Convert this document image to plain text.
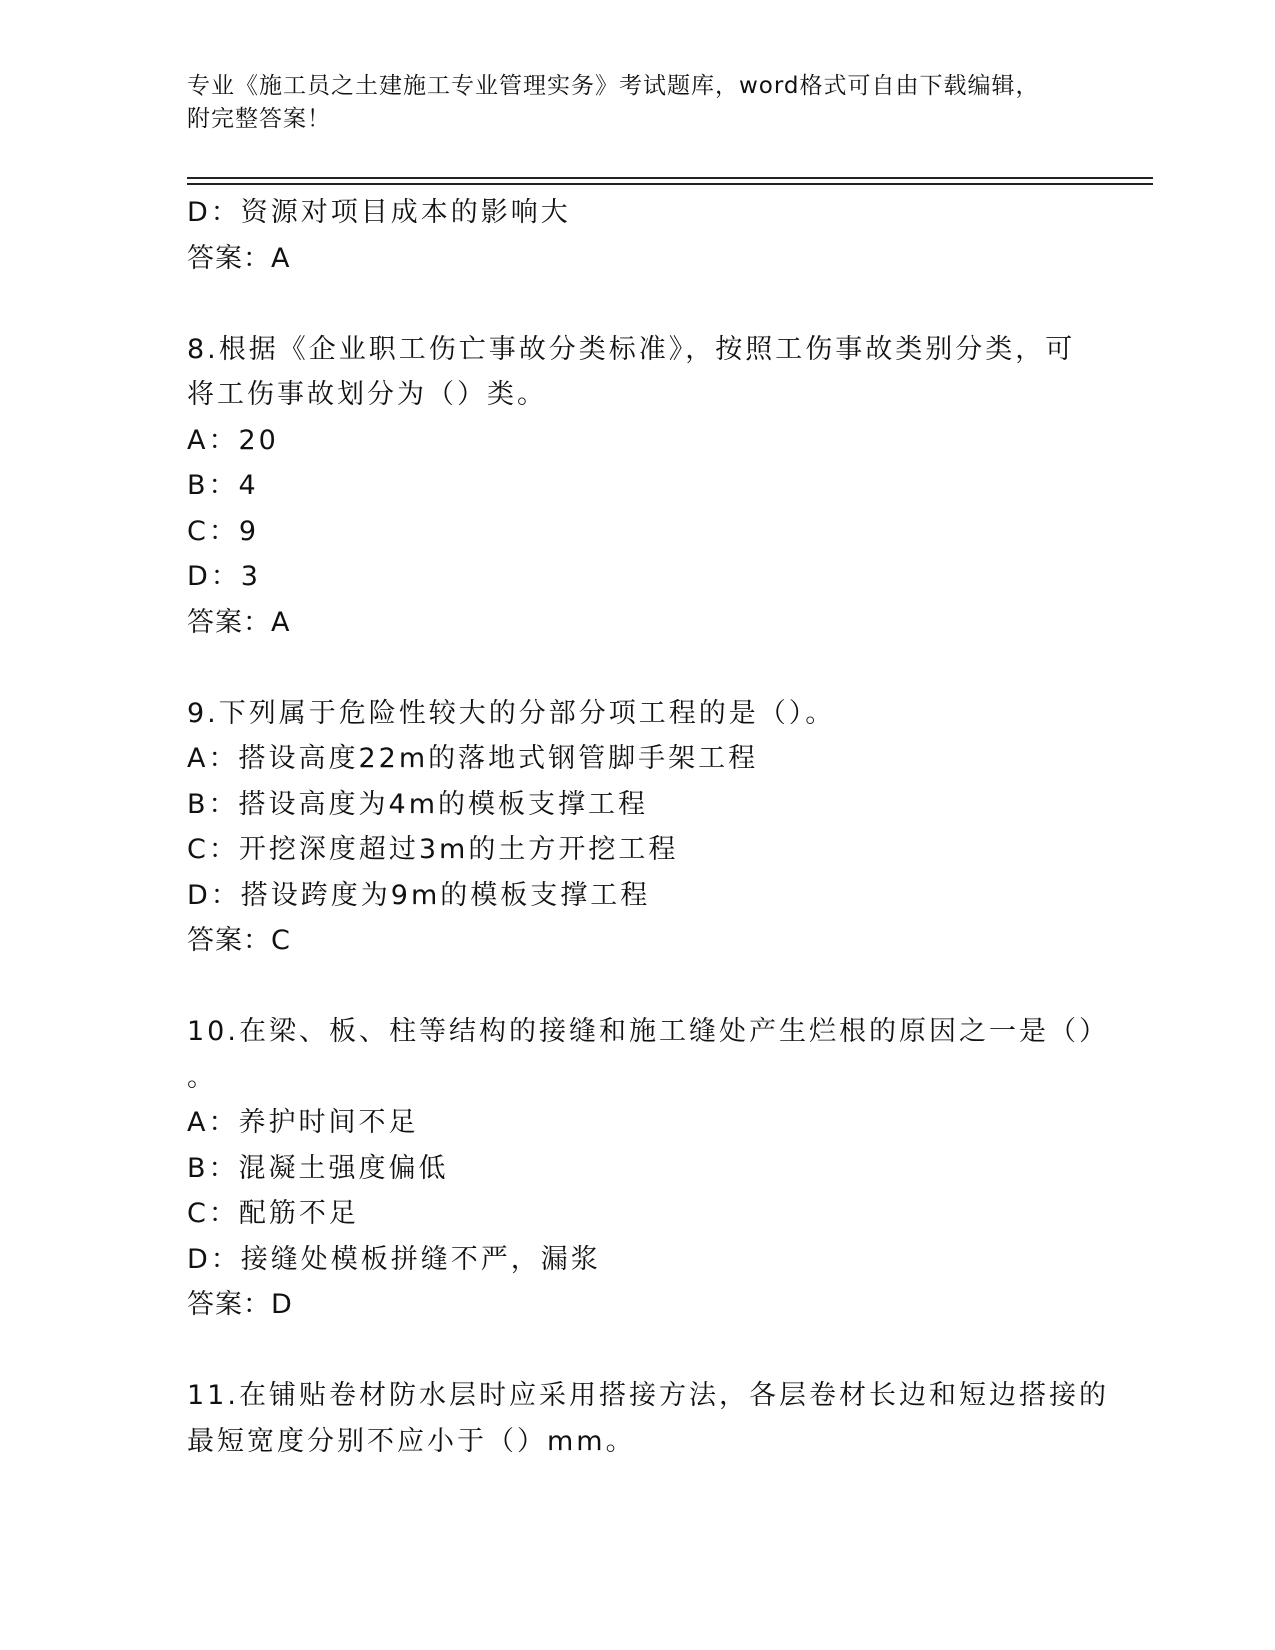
专业《施工员之土建施工专业管理实务》考试题库，word格式可自由下载编辑，
附完整答案！
D：资源对项目成本的影响大
答案：A
8.根据《企业职工伤亡事故分类标准》，按照工伤事故类别分类，可
将工伤事故划分为（）类。
A：20
B：4
C：9
D：3
答案：A
9.下列属于危险性较大的分部分项工程的是（）。
A：搭设高度22m的落地式钢管脚手架工程
B：搭设高度为4m的模板支撑工程
C：开挖深度超过3m的土方开挖工程
D：搭设跨度为9m的模板支撑工程
答案：C
10.在梁、板、柱等结构的接缝和施工缝处产生烂根的原因之一是（）
。
A：养护时间不足
B：混凝土强度偏低
C：配筋不足
D：接缝处模板拼缝不严，漏浆
答案：D
11.在铺贴卷材防水层时应采用搭接方法，各层卷材长边和短边搭接的
最短宽度分别不应小于（）mm。
